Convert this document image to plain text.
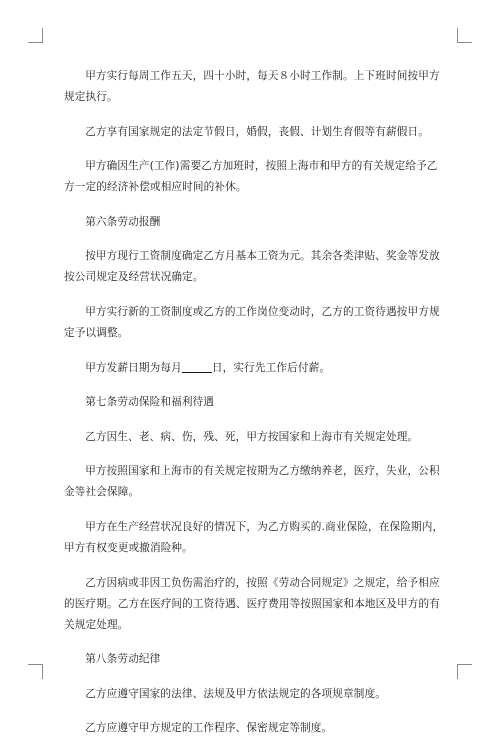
甲方实行每周工作五天，四十小时，每天８小时工作制。上下班时间按甲方规定执行。

乙方享有国家规定的法定节假日，婚假，丧假、计划生育假等有薪假日。

甲方确因生产(工作)需要乙方加班时，按照上海市和甲方的有关规定给予乙方一定的经济补偿或相应时间的补休。

第六条劳动报酬

按甲方现行工资制度确定乙方月基本工资为元。其余各类津贴、奖金等发放按公司规定及经营状况确定。

甲方实行新的工资制度或乙方的工作岗位变动时，乙方的工资待遇按甲方规定予以调整。

甲方发薪日期为每月	日，实行先工作后付薪。

第七条劳动保险和福利待遇

乙方因生、老、病、伤，残、死，甲方按国家和上海市有关规定处理。

甲方按照国家和上海市的有关规定按期为乙方缴纳养老，医疗，失业，公积金等社会保障。

甲方在生产经营状况良好的情况下，为乙方购买的.商业保险，在保险期内，甲方有权变更或撤消险种。

乙方因病或非因工负伤需治疗的，按照《劳动合同规定》之规定，给予相应的医疗期。乙方在医疗间的工资待遇、医疗费用等按照国家和本地区及甲方的有关规定处理。

第八条劳动纪律

乙方应遵守国家的法律、法规及甲方依法规定的各项规章制度。

乙方应遵守甲方规定的工作程序、保密规定等制度。
